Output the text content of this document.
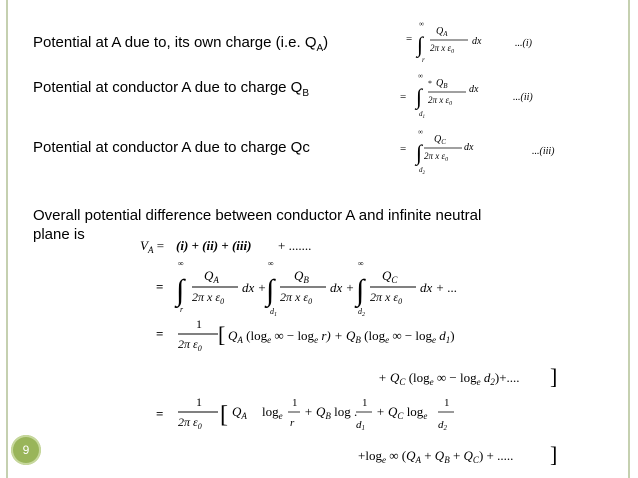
Potential at A due to, its own charge (i.e. $Q_A$)
Potential at conductor A due to charge $Q_B$
Potential at conductor A due to charge Qc
Overall potential difference between conductor A and infinite neutral
plane is
...(i)
...(ii)
...(iii)
=
∞
∫
r
$Q_A$
2π x $\varepsilon_0$
dx
=
∞
∫
$d_1$
* $Q_B$
2π x $\varepsilon_0$
dx
=
∞
∫
$d_2$
$Q_C$
2π x $\varepsilon_0$
dx
$V_A = (i) + (ii) + (iii)$ + .......
=
∞
∫
r
$Q_A$
2π x $\varepsilon_0$
dx +
∞
∫
$d_1$
$Q_B$
2π x $\varepsilon_0$
dx +
∞
∫
$d_2$
$Q_C$
2π x $\varepsilon_0$
dx + ...
=
1
2π $\varepsilon_0$
[ $Q_A$ ($\log_e$ ∞ − $\log_e r) + Q_B$ ($\log_e$ ∞ − $\log_e d_1$)
+ $Q_C$ ($\log_e$ ∞ − $\log_e d_2)+$.... ]
=
1
2π $\varepsilon_0$ [ $Q_A$ $\log_e$
1
r
+ $Q_B$ log .
1
d1
+ $Q_C$ $\log_e$
1
d2
$+\log_e$ ∞ $(Q_A + Q_B + Q_C)$ + ..... ]
9
